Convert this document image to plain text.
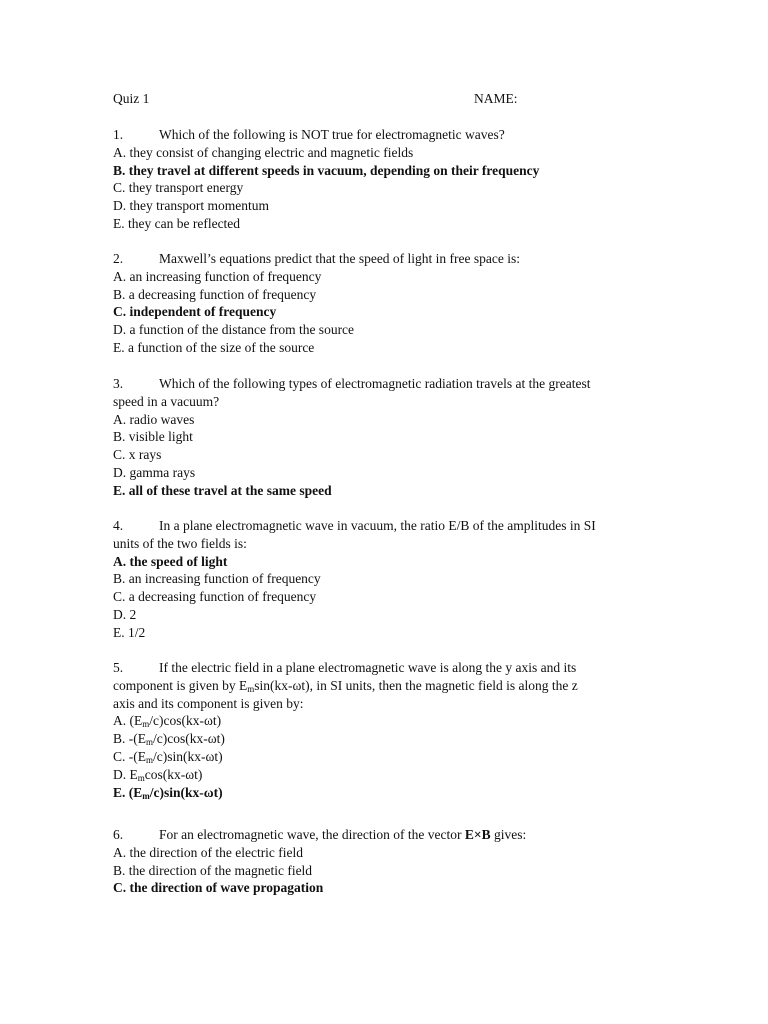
Quiz 1	NAME:
1.	Which of the following is NOT true for electromagnetic waves?
A. they consist of changing electric and magnetic fields
B. they travel at different speeds in vacuum, depending on their frequency
C. they transport energy
D. they transport momentum
E. they can be reflected
2.	Maxwell’s equations predict that the speed of light in free space is:
A. an increasing function of frequency
B. a decreasing function of frequency
C. independent of frequency
D. a function of the distance from the source
E. a function of the size of the source
3.	Which of the following types of electromagnetic radiation travels at the greatest
speed in a vacuum?
A. radio waves
B. visible light
C. x rays
D. gamma rays
E. all of these travel at the same speed
4.	In a plane electromagnetic wave in vacuum, the ratio E/B of the amplitudes in SI
units of the two fields is:
A. the speed of light
B. an increasing function of frequency
C. a decreasing function of frequency
D. 2
E. 1/2
5.	If the electric field in a plane electromagnetic wave is along the y axis and its
component is given by $E_m\sin(kx-\omega t)$, in SI units, then the magnetic field is along the z
axis and its component is given by:
A. $(E_m/c)\cos(kx-\omega t)$
B. $-(E_m/c)\cos(kx-\omega t)$
C. $-(E_m/c)\sin(kx-\omega t)$
D. $E_m\cos(kx-\omega t)$
E. $(E_m/c)\sin(kx-\omega t)$
6.	For an electromagnetic wave, the direction of the vector E×B gives:
A. the direction of the electric field
B. the direction of the magnetic field
C. the direction of wave propagation
